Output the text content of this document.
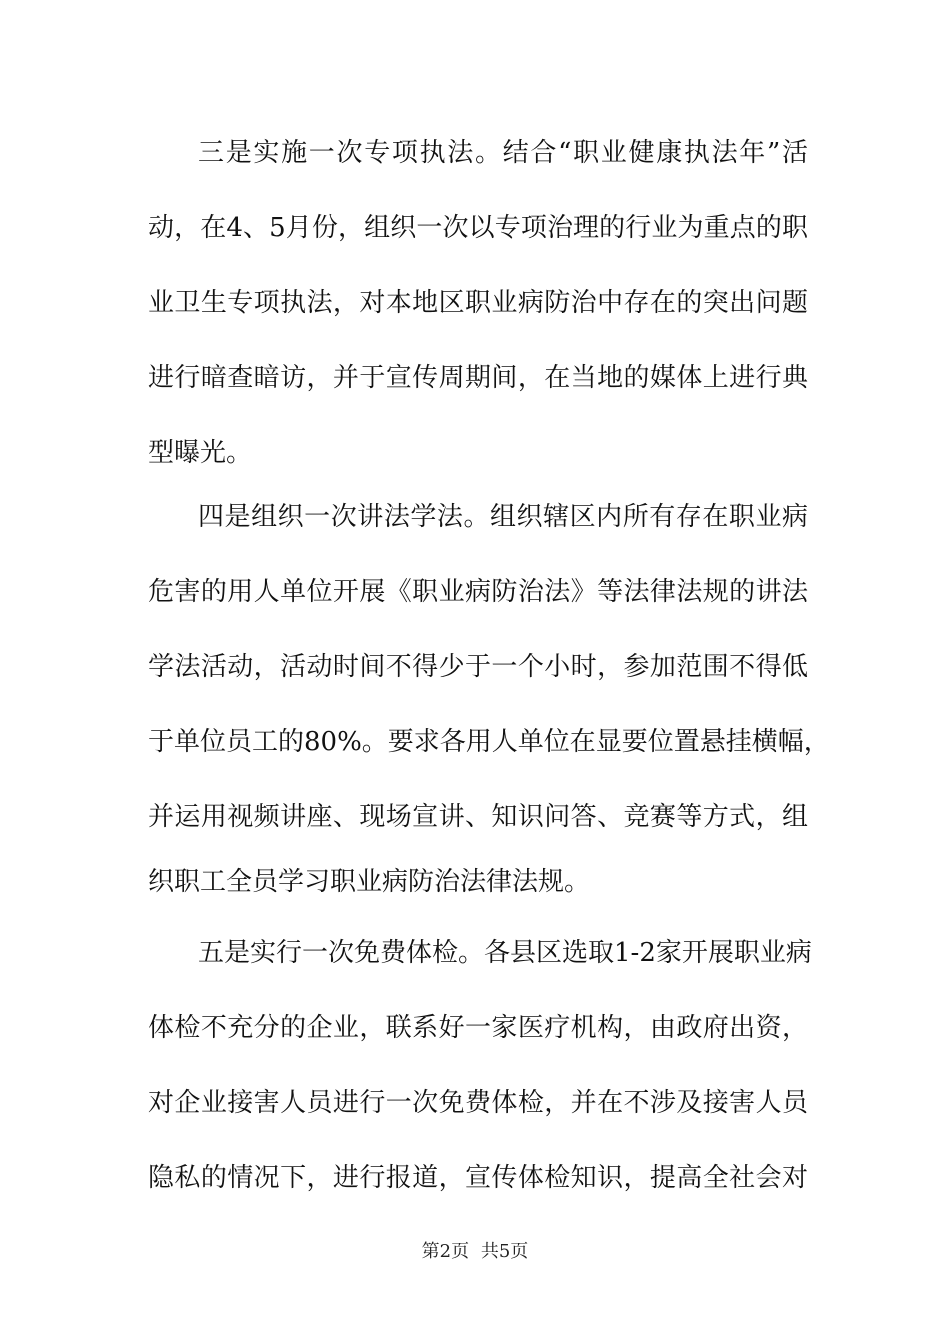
三是实施一次专项执法。结合“职业健康执法年”活
动，在4、5月份，组织一次以专项治理的行业为重点的职
业卫生专项执法，对本地区职业病防治中存在的突出问题
进行暗查暗访，并于宣传周期间，在当地的媒体上进行典
型曝光。
四是组织一次讲法学法。组织辖区内所有存在职业病
危害的用人单位开展《职业病防治法》等法律法规的讲法
学法活动，活动时间不得少于一个小时，参加范围不得低
于单位员工的80%。要求各用人单位在显要位置悬挂横幅，
并运用视频讲座、现场宣讲、知识问答、竞赛等方式，组
织职工全员学习职业病防治法律法规。
五是实行一次免费体检。各县区选取1-2家开展职业病
体检不充分的企业，联系好一家医疗机构，由政府出资，
对企业接害人员进行一次免费体检，并在不涉及接害人员
隐私的情况下，进行报道，宣传体检知识，提高全社会对
第2页 共5页
